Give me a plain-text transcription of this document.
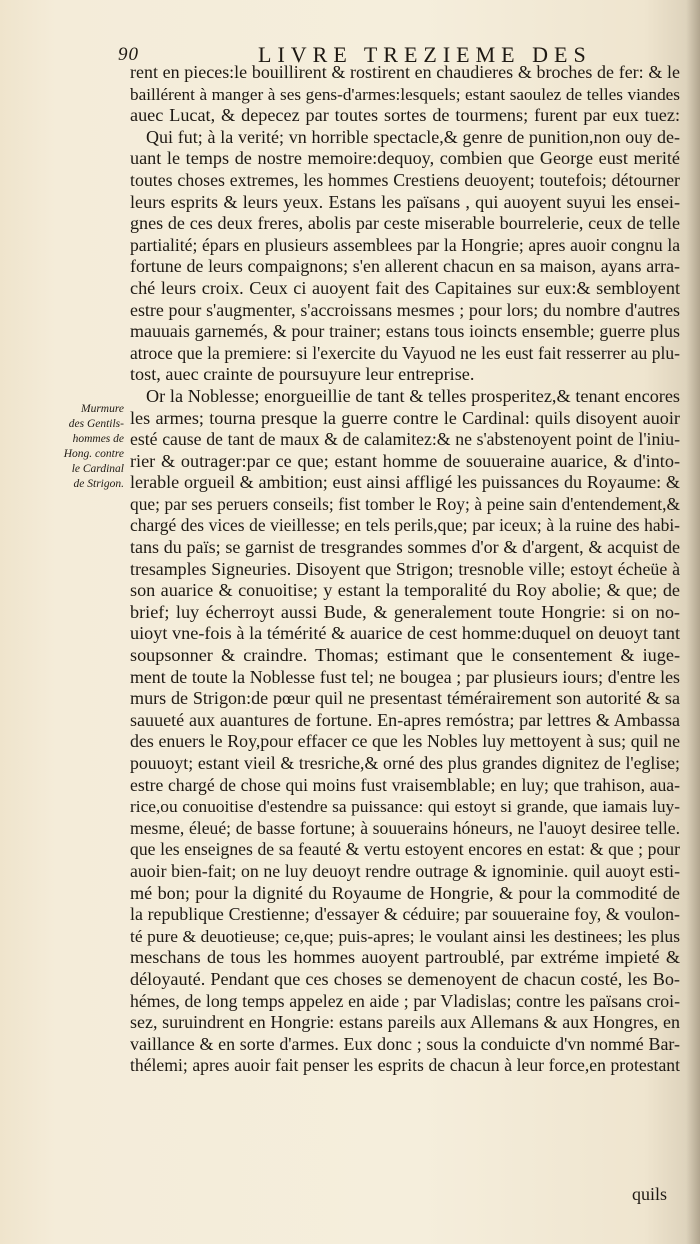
90	LIVRE TREZIEME DES
Murmure
des Gentils-
hommes de
Hong. contre
le Cardinal
de Strigon.
rent en pieces:le bouillirent & rostirent en chaudieres & broches de fer: & le
baillérent à manger à ses gens-d'armes:lesquels; estant saoulez de telles viandes
auec Lucat, & depecez par toutes sortes de tourmens; furent par eux tuez:
Qui fut; à la verité; vn horrible spectacle,& genre de punition,non ouy de-
uant le temps de nostre memoire:dequoy, combien que George eust merité
toutes choses extremes, les hommes Crestiens deuoyent; toutefois; détourner
leurs esprits & leurs yeux. Estans les païsans , qui auoyent suyui les ensei-
gnes de ces deux freres, abolis par ceste miserable bourrelerie, ceux de telle
partialité; épars en plusieurs assemblees par la Hongrie; apres auoir congnu la
fortune de leurs compaignons; s'en allerent chacun en sa maison, ayans arra-
ché leurs croix. Ceux ci auoyent fait des Capitaines sur eux:& sembloyent
estre pour s'augmenter, s'accroissans mesmes ; pour lors; du nombre d'autres
mauuais garnemés, & pour trainer; estans tous ioincts ensemble; guerre plus
atroce que la premiere: si l'exercite du Vayuod ne les eust fait resserrer au plu-
tost, auec crainte de poursuyure leur entreprise.
Or la Noblesse; enorgueillie de tant & telles prosperitez,& tenant encores
les armes; tourna presque la guerre contre le Cardinal: quils disoyent auoir
esté cause de tant de maux & de calamitez:& ne s'abstenoyent point de l'iniu-
rier & outrager:par ce que; estant homme de souueraine auarice, & d'into-
lerable orgueil & ambition; eust ainsi affligé les puissances du Royaume: &
que; par ses peruers conseils; fist tomber le Roy; à peine sain d'entendement,&
chargé des vices de vieillesse; en tels perils,que; par iceux; à la ruine des habi-
tans du païs; se garnist de tresgrandes sommes d'or & d'argent, & acquist de
tresamples Signeuries. Disoyent que Strigon; tresnoble ville; estoyt écheüe à
son auarice & conuoitise; y estant la temporalité du Roy abolie; & que; de
brief; luy écherroyt aussi Bude, & generalement toute Hongrie: si on no-
uioyt vne-fois à la témérité & auarice de cest homme:duquel on deuoyt tant
soupsonner & craindre. Thomas; estimant que le consentement & iuge-
ment de toute la Noblesse fust tel; ne bougea ; par plusieurs iours; d'entre les
murs de Strigon:de pœur quil ne presentast témérairement son autorité & sa
sauueté aux auantures de fortune. En-apres remóstra; par lettres & Ambassa
des enuers le Roy,pour effacer ce que les Nobles luy mettoyent à sus; quil ne
pouuoyt; estant vieil & tresriche,& orné des plus grandes dignitez de l'eglise;
estre chargé de chose qui moins fust vraisemblable; en luy; que trahison, aua-
rice,ou conuoitise d'estendre sa puissance: qui estoyt si grande, que iamais luy-
mesme, éleué; de basse fortune; à souuerains hóneurs, ne l'auoyt desiree telle.
que les enseignes de sa feauté & vertu estoyent encores en estat: & que ; pour
auoir bien-fait; on ne luy deuoyt rendre outrage & ignominie. quil auoyt esti-
mé bon; pour la dignité du Royaume de Hongrie, & pour la commodité de
la republique Crestienne; d'essayer & céduire; par souueraine foy, & voulon-
té pure & deuotieuse; ce,que; puis-apres; le voulant ainsi les destinees; les plus
meschans de tous les hommes auoyent partroublé, par extréme impieté &
déloyauté. Pendant que ces choses se demenoyent de chacun costé, les Bo-
hémes, de long temps appelez en aide ; par Vladislas; contre les païsans croi-
sez, suruindrent en Hongrie: estans pareils aux Allemans & aux Hongres, en
vaillance & en sorte d'armes. Eux donc ; sous la conduicte d'vn nommé Bar-
thélemi; apres auoir fait penser les esprits de chacun à leur force,en protestant
quils
